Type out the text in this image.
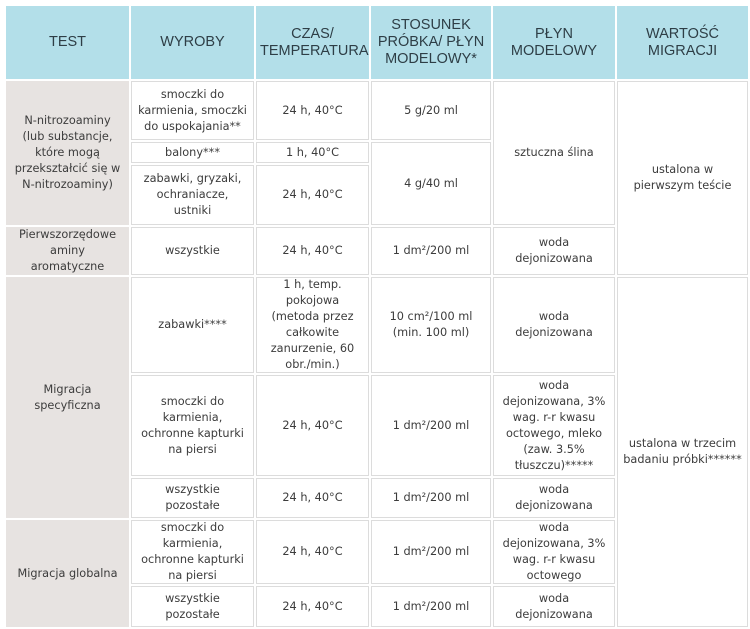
TEST	WYROBY	CZAS/ TEMPERATURA	STOSUNEK PRÓBKA/ PŁYN MODELOWY*	PŁYN MODELOWY	WARTOŚĆ MIGRACJI
N-nitrozoaminy (lub substancje, które mogą przekształcić się w N-nitrozoaminy)	smoczki do karmienia, smoczki do uspokajania**	24 h, 40°C	5 g/20 ml	sztuczna ślina	ustalona w pierwszym teście
	balony***	1 h, 40°C	4 g/40 ml		
	zabawki, gryzaki, ochraniacze, ustniki	24 h, 40°C			
Pierwszorzędowe aminy aromatyczne	wszystkie	24 h, 40°C	1 dm²/200 ml	woda dejonizowana	
Migracja specyficzna	zabawki****	1 h, temp. pokojowa (metoda przez całkowite zanurzenie, 60 obr./min.)	10 cm²/100 ml (min. 100 ml)	woda dejonizowana	ustalona w trzecim badaniu próbki******
	smoczki do karmienia, ochronne kapturki na piersi	24 h, 40°C	1 dm²/200 ml	woda dejonizowana, 3% wag. r-r kwasu octowego, mleko (zaw. 3.5% tłuszczu)*****	
	wszystkie pozostałe	24 h, 40°C	1 dm²/200 ml	woda dejonizowana	
Migracja globalna	smoczki do karmienia, ochronne kapturki na piersi	24 h, 40°C	1 dm²/200 ml	woda dejonizowana, 3% wag. r-r kwasu octowego	
	wszystkie pozostałe	24 h, 40°C	1 dm²/200 ml	woda dejonizowana	
